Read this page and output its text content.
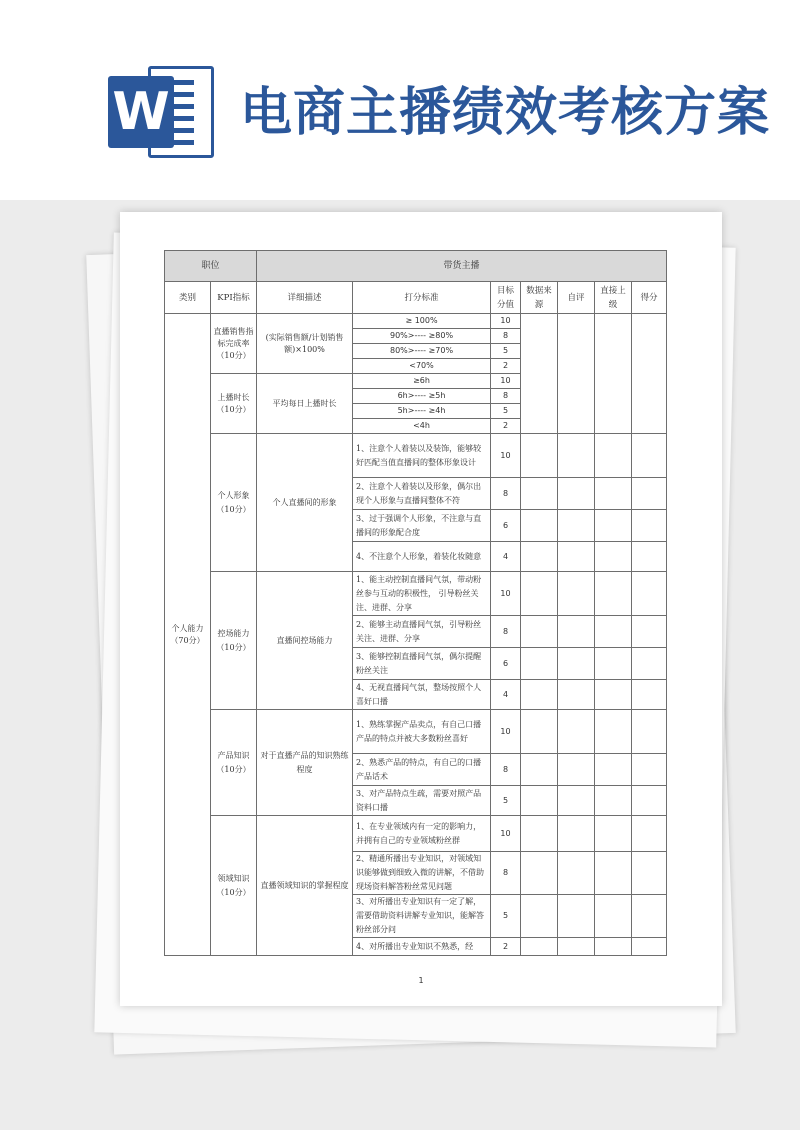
W 电商主播绩效考核方案
职位		带货主播						
类别	KPI指标	详细描述	打分标准	目标分值	数据来源	自评	直接上级	得分
个人能力（70分）	直播销售指标完成率（10分）	(实际销售额/计划销售额)×100%	≥ 100%	10				
			90%>---- ≥80%	8				
			80%>---- ≥70%	5				
			<70%	2				
	上播时长（10分）	平均每日上播时长	≥6h	10				
			6h>---- ≥5h	8				
			5h>---- ≥4h	5				
			<4h	2				
	个人形象（10分）	个人直播间的形象	1、注意个人着装以及装饰，能够较好匹配当值直播间的整体形象设计	10				
			2、注意个人着装以及形象，偶尔出现个人形象与直播间整体不符	8				
			3、过于强调个人形象，不注意与直播间的形象配合度	6				
			4、不注意个人形象，着装化妆随意	4				
	控场能力（10分）	直播间控场能力	1、能主动控制直播间气氛，带动粉丝参与互动的积极性， 引导粉丝关注、进群、分享	10				
			2、能够主动直播间气氛，引导粉丝关注、进群、分享	8				
			3、能够控制直播间气氛，偶尔提醒粉丝关注	6				
			4、无视直播间气氛，整场按照个人喜好口播	4				
	产品知识（10分）	对于直播产品的知识熟练程度	1、熟练掌握产品卖点，有自己口播产品的特点并被大多数粉丝喜好	10				
			2、熟悉产品的特点，有自己的口播产品话术	8				
			3、对产品特点生疏，需要对照产品资料口播	5				
	领域知识（10分）	直播领域知识的掌握程度	1、在专业领域内有一定的影响力，并拥有自己的专业领域粉丝群	10				
			2、精通所播出专业知识，对领域知识能够做到细致入微的讲解，不借助现场资料解答粉丝常见问题	8				
			3、对所播出专业知识有一定了解，需要借助资料讲解专业知识，能解答粉丝部分问	5				
			4、对所播出专业知识不熟悉，经	2				
1
